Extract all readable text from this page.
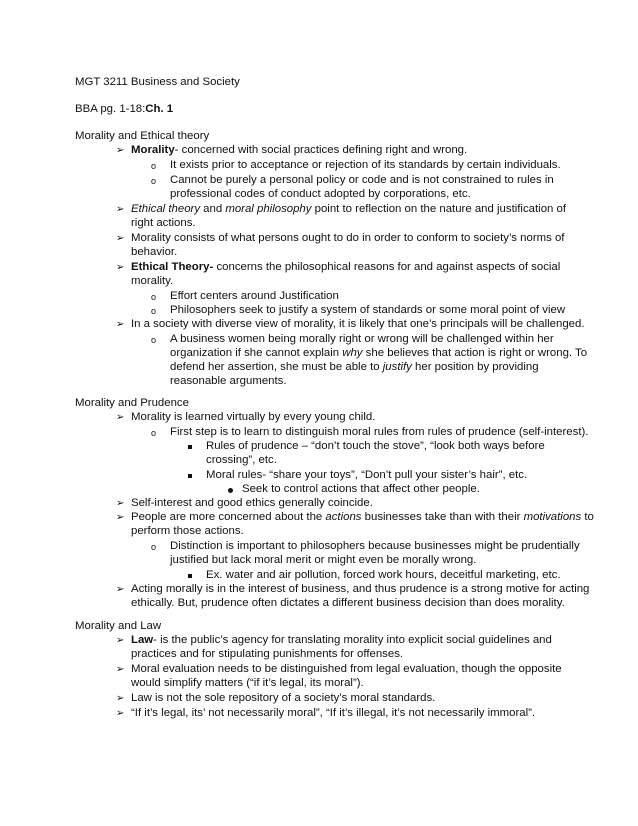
MGT 3211 Business and Society
BBA pg. 1-18:Ch. 1
Morality and Ethical theory
➢ Morality- concerned with social practices defining right and wrong.
o It exists prior to acceptance or rejection of its standards by certain individuals.
o Cannot be purely a personal policy or code and is not constrained to rules in
professional codes of conduct adopted by corporations, etc.
➢ Ethical theory and moral philosophy point to reflection on the nature and justification of
right actions.
➢ Morality consists of what persons ought to do in order to conform to society’s norms of
behavior.
➢ Ethical Theory- concerns the philosophical reasons for and against aspects of social
morality.
o Effort centers around Justification
o Philosophers seek to justify a system of standards or some moral point of view
➢ In a society with diverse view of morality, it is likely that one’s principals will be challenged.
o A business women being morally right or wrong will be challenged within her
organization if she cannot explain why she believes that action is right or wrong. To
defend her assertion, she must be able to justify her position by providing
reasonable arguments.
Morality and Prudence
➢ Morality is learned virtually by every young child.
o First step is to learn to distinguish moral rules from rules of prudence (self-interest).
Rules of prudence – “don’t touch the stove”, “look both ways before
crossing”, etc.
Moral rules- “share your toys”, “Don’t pull your sister’s hair”, etc.
Seek to control actions that affect other people.
➢ Self-interest and good ethics generally coincide.
➢ People are more concerned about the actions businesses take than with their motivations to
perform those actions.
o Distinction is important to philosophers because businesses might be prudentially
justified but lack moral merit or might even be morally wrong.
Ex. water and air pollution, forced work hours, deceitful marketing, etc.
➢ Acting morally is in the interest of business, and thus prudence is a strong motive for acting
ethically. But, prudence often dictates a different business decision than does morality.
Morality and Law
➢ Law- is the public’s agency for translating morality into explicit social guidelines and
practices and for stipulating punishments for offenses.
➢ Moral evaluation needs to be distinguished from legal evaluation, though the opposite
would simplify matters (“if it’s legal, its moral”).
➢ Law is not the sole repository of a society’s moral standards.
➢ “If it’s legal, its’ not necessarily moral”, “If it’s illegal, it’s not necessarily immoral”.
